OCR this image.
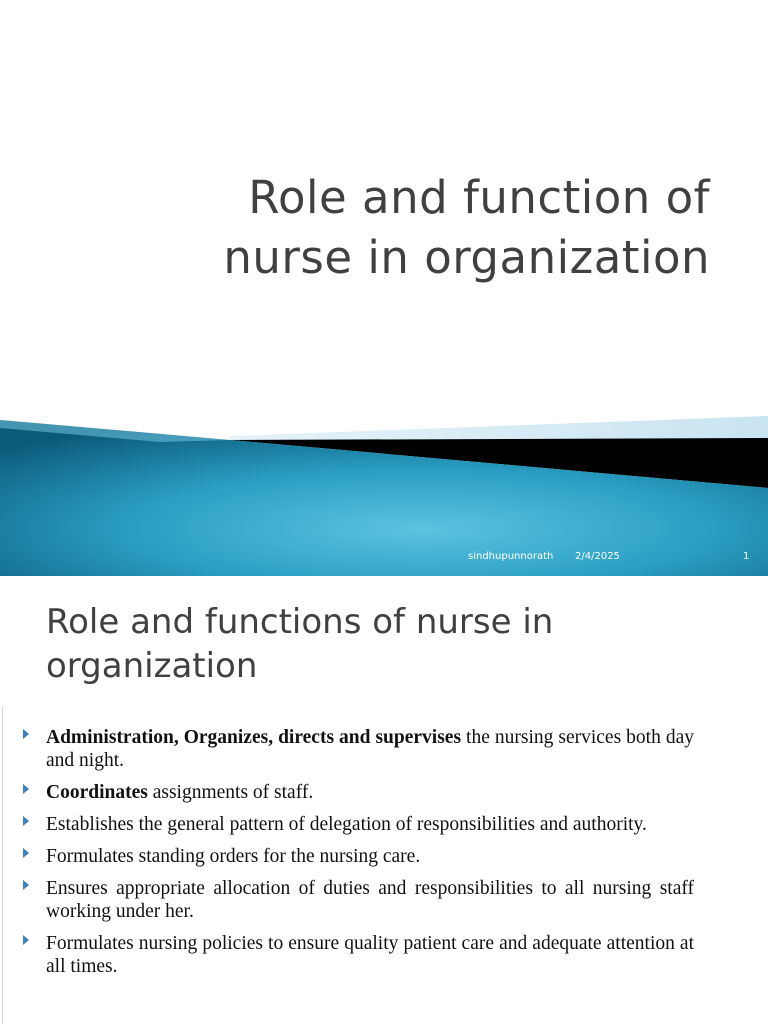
Role and function of
nurse in organization
sindhupunnorath 2/4/2025	1
Role and functions of nurse in
organization
Administration, Organizes, directs and supervises the nursing services both day and night.
Coordinates assignments of staff.
Establishes the general pattern of delegation of responsibilities and authority.
Formulates standing orders for the nursing care.
Ensures appropriate allocation of duties and responsibilities to all nursing staff working under her.
Formulates nursing policies to ensure quality patient care and adequate attention at all times.
